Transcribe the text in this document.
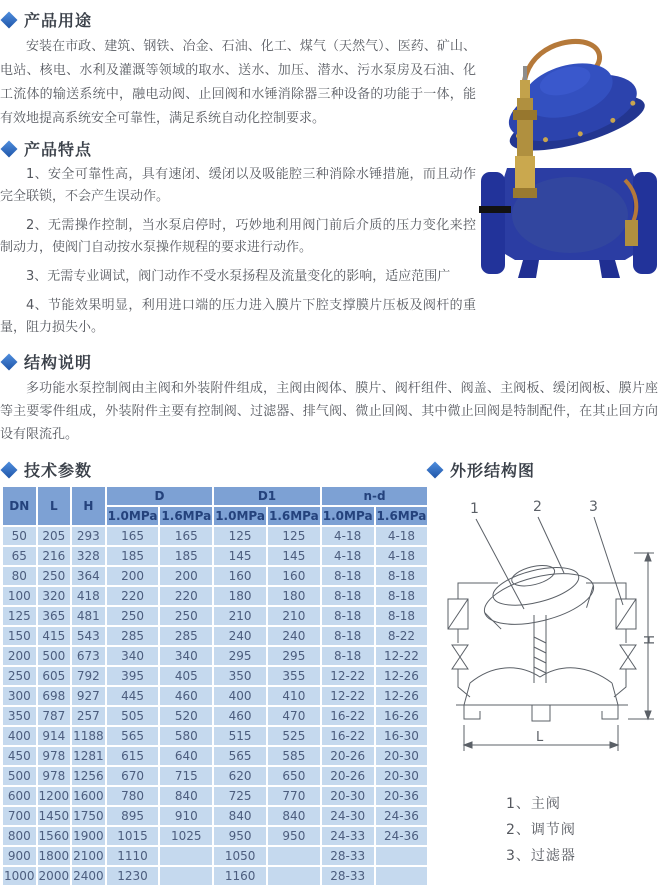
产品用途

安装在市政、建筑、钢铁、冶金、石油、化工、煤气（天然气）、医药、矿山、电站、核电、水利及灌溉等领域的取水、送水、加压、潜水、污水泵房及石油、化工流体的输送系统中，融电动阀、止回阀和水锤消除器三种设备的功能于一体，能有效地提高系统安全可靠性，满足系统自动化控制要求。

产品特点

1、安全可靠性高，具有速闭、缓闭以及吸能腔三种消除水锤措施，而且动作完全联锁，不会产生误动作。

2、无需操作控制，当水泵启停时，巧妙地利用阀门前后介质的压力变化来控制动力，使阀门自动按水泵操作规程的要求进行动作。

3、无需专业调试，阀门动作不受水泵扬程及流量变化的影响，适应范围广

4、节能效果明显，利用进口端的压力进入膜片下腔支撑膜片压板及阀杆的重量，阻力损失小。

结构说明

多功能水泵控制阀由主阀和外装附件组成，主阀由阀体、膜片、阀杆组件、阀盖、主阀板、缓闭阀板、膜片座等主要零件组成，外装附件主要有控制阀、过滤器、排气阀、微止回阀、其中微止回阀是特制配件，在其止回方向设有限流孔。

技术参数
DN	L	H	D		D1		n-d	
			1.0MPa	1.6MPa	1.0MPa	1.6MPa	1.0MPa	1.6MPa
50	205	293	165	165	125	125	4-18	4-18
65	216	328	185	185	145	145	4-18	4-18
80	250	364	200	200	160	160	8-18	8-18
100	320	418	220	220	180	180	8-18	8-18
125	365	481	250	250	210	210	8-18	8-18
150	415	543	285	285	240	240	8-18	8-22
200	500	673	340	340	295	295	8-18	12-22
250	605	792	395	405	350	355	12-22	12-26
300	698	927	445	460	400	410	12-22	12-26
350	787	257	505	520	460	470	16-22	16-26
400	914	1188	565	580	515	525	16-22	16-30
450	978	1281	615	640	565	585	20-26	20-30
500	978	1256	670	715	620	650	20-26	20-30
600	1200	1600	780	840	725	770	20-30	20-36
700	1450	1750	895	910	840	840	24-30	24-36
800	1560	1900	1015	1025	950	950	24-33	24-36
900	1800	2100	1110		1050		28-33	
1000	2000	2400	1230		1160		28-33	
外形结构图
1	2	3
H
L
1、主阀
2、调节阀
3、过滤器
